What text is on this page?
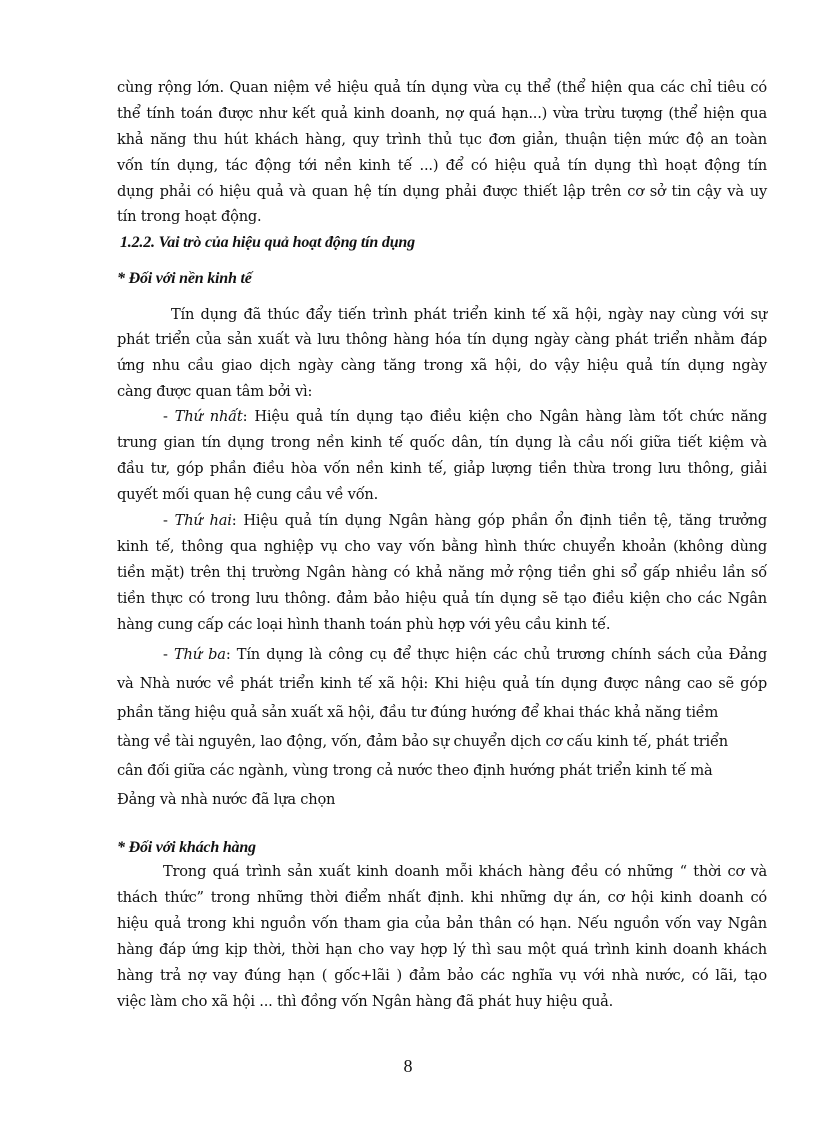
cùng rộng lớn. Quan niệm về hiệu quả tín dụng vừa cụ thể (thể hiện qua các chỉ tiêu có
thể tính toán được như kết quả kinh doanh, nợ quá hạn...) vừa trừu tượng (thể hiện qua
khả năng thu hút khách hàng, quy trình thủ tục đơn giản, thuận tiện mức độ an toàn
vốn tín dụng, tác động tới nền kinh tế ...) để có hiệu quả tín dụng thì hoạt động tín
dụng phải có hiệu quả và quan hệ tín dụng phải được thiết lập trên cơ sở tin cậy và uy
tín trong hoạt động.
1.2.2. Vai trò của hiệu quả hoạt động tín dụng
* Đối với nền kinh tế
Tín dụng đã thúc đẩy tiến trình phát triển kinh tế xã hội, ngày nay cùng với sự
phát triển của sản xuất và lưu thông hàng hóa tín dụng ngày càng phát triển nhằm đáp
ứng nhu cầu giao dịch ngày càng tăng trong xã hội, do vậy hiệu quả tín dụng ngày
càng được quan tâm bởi vì:
- Thứ nhất: Hiệu quả tín dụng tạo điều kiện cho Ngân hàng làm tốt chức năng
trung gian tín dụng trong nền kinh tế quốc dân, tín dụng là cầu nối giữa tiết kiệm và
đầu tư, góp phần điều hòa vốn nền kinh tế, giảp lượng tiền thừa trong lưu thông, giải
quyết mối quan hệ cung cầu về vốn.
- Thứ hai: Hiệu quả tín dụng Ngân hàng góp phần ổn định tiền tệ, tăng trưởng
kinh tế, thông qua nghiệp vụ cho vay vốn bằng hình thức chuyển khoản (không dùng
tiền mặt) trên thị trường Ngân hàng có khả năng mở rộng tiền ghi sổ gấp nhiều lần số
tiền thực có trong lưu thông. đảm bảo hiệu quả tín dụng sẽ tạo điều kiện cho các Ngân
hàng cung cấp các loại hình thanh toán phù hợp với yêu cầu kinh tế.
- Thứ ba: Tín dụng là công cụ để thực hiện các chủ trương chính sách của Đảng
và Nhà nước về phát triển kinh tế xã hội: Khi hiệu quả tín dụng được nâng cao sẽ góp
phần tăng hiệu quả sản xuất xã hội, đầu tư đúng hướng để khai thác khả năng tiềm
tàng về tài nguyên, lao động, vốn, đảm bảo sự chuyển dịch cơ cấu kinh tế, phát triển
cân đối giữa các ngành, vùng trong cả nước theo định hướng phát triển kinh tế mà
Đảng và nhà nước đã lựa chọn
* Đối với khách hàng
Trong quá trình sản xuất kinh doanh mỗi khách hàng đều có những “ thời cơ và
thách thức” trong những thời điểm nhất định. khi những dự án, cơ hội kinh doanh có
hiệu quả trong khi nguồn vốn tham gia của bản thân có hạn. Nếu nguồn vốn vay Ngân
hàng đáp ứng kịp thời, thời hạn cho vay hợp lý thì sau một quá trình kinh doanh khách
hàng trả nợ vay đúng hạn ( gốc+lãi ) đảm bảo các nghĩa vụ với nhà nước, có lãi, tạo
việc làm cho xã hội ... thì đồng vốn Ngân hàng đã phát huy hiệu quả.
8
